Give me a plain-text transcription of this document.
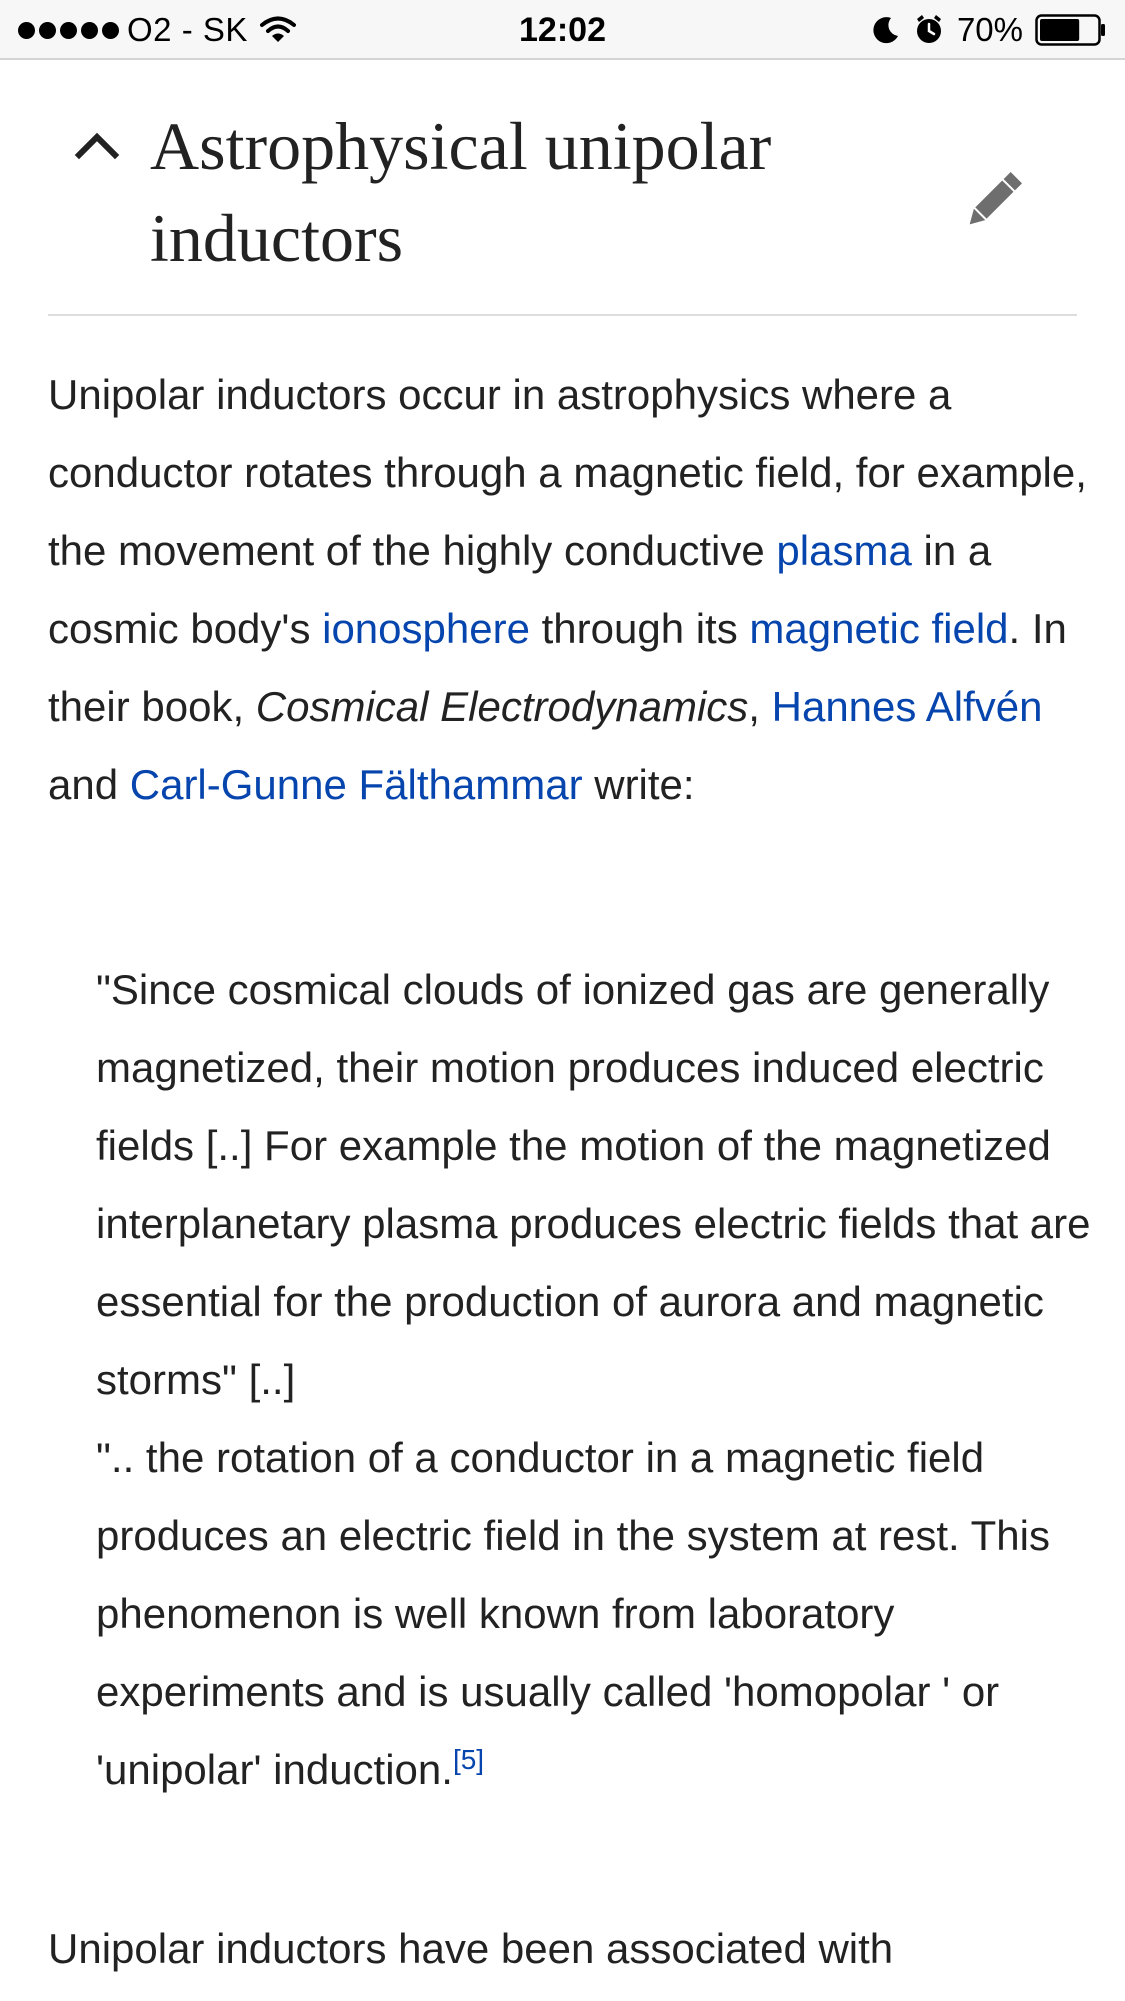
O2 - SK	12:02	70%
Astrophysical unipolar inductors

Unipolar inductors occur in astrophysics where a conductor rotates through a magnetic field, for example, the movement of the highly conductive plasma in a cosmic body's ionosphere through its magnetic field. In their book, Cosmical Electrodynamics, Hannes Alfvén and Carl-Gunne Fälthammar write:

"Since cosmical clouds of ionized gas are generally magnetized, their motion produces induced electric fields [..] For example the motion of the magnetized interplanetary plasma produces electric fields that are essential for the production of aurora and magnetic storms" [..]
".. the rotation of a conductor in a magnetic field produces an electric field in the system at rest. This phenomenon is well known from laboratory experiments and is usually called 'homopolar ' or 'unipolar' induction.[5]

Unipolar inductors have been associated with
